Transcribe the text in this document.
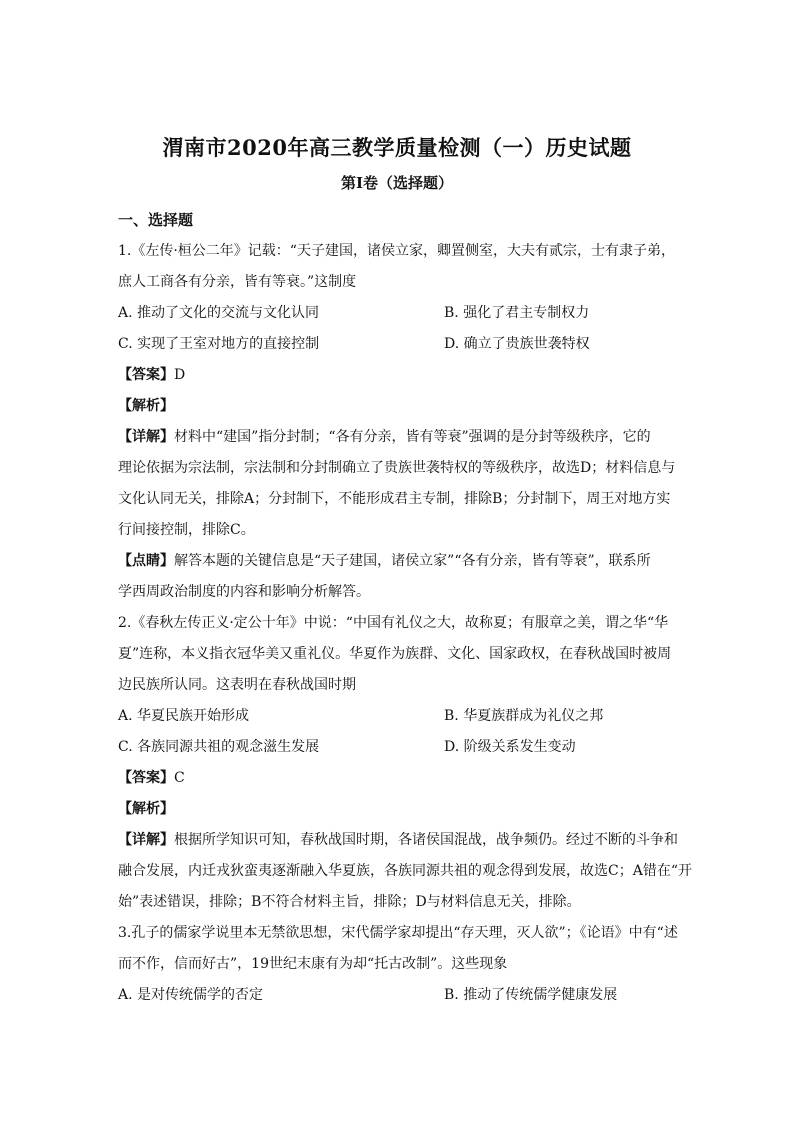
渭南市2020年高三教学质量检测（一）历史试题
第I卷（选择题）
一、选择题
1.《左传·桓公二年》记载：“天子建国，诸侯立家，卿置侧室，大夫有贰宗，士有隶子弟，
庶人工商各有分亲，皆有等衰。”这制度
A. 推动了文化的交流与文化认同	B. 强化了君主专制权力
C. 实现了王室对地方的直接控制	D. 确立了贵族世袭特权
【答案】D
【解析】
【详解】材料中“建国”指分封制；“各有分亲，皆有等衰”强调的是分封等级秩序，它的
理论依据为宗法制，宗法制和分封制确立了贵族世袭特权的等级秩序，故选D；材料信息与
文化认同无关，排除A；分封制下，不能形成君主专制，排除B；分封制下，周王对地方实
行间接控制，排除C。
【点睛】解答本题的关键信息是“天子建国，诸侯立家”“各有分亲，皆有等衰”，联系所
学西周政治制度的内容和影响分析解答。
2.《春秋左传正义·定公十年》中说：“中国有礼仪之大，故称夏；有服章之美，谓之华“华
夏”连称，本义指衣冠华美又重礼仪。华夏作为族群、文化、国家政权，在春秋战国时被周
边民族所认同。这表明在春秋战国时期
A. 华夏民族开始形成	B. 华夏族群成为礼仪之邦
C. 各族同源共祖的观念滋生发展	D. 阶级关系发生变动
【答案】C
【解析】
【详解】根据所学知识可知，春秋战国时期，各诸侯国混战，战争频仍。经过不断的斗争和
融合发展，内迁戎狄蛮夷逐渐融入华夏族，各族同源共祖的观念得到发展，故选C；A错在“开
始”表述错误，排除；B不符合材料主旨，排除；D与材料信息无关，排除。
3.孔子的儒家学说里本无禁欲思想，宋代儒学家却提出“存天理，灭人欲”；《论语》中有“述
而不作，信而好古”，19世纪末康有为却“托古改制”。这些现象
A. 是对传统儒学的否定	B. 推动了传统儒学健康发展
